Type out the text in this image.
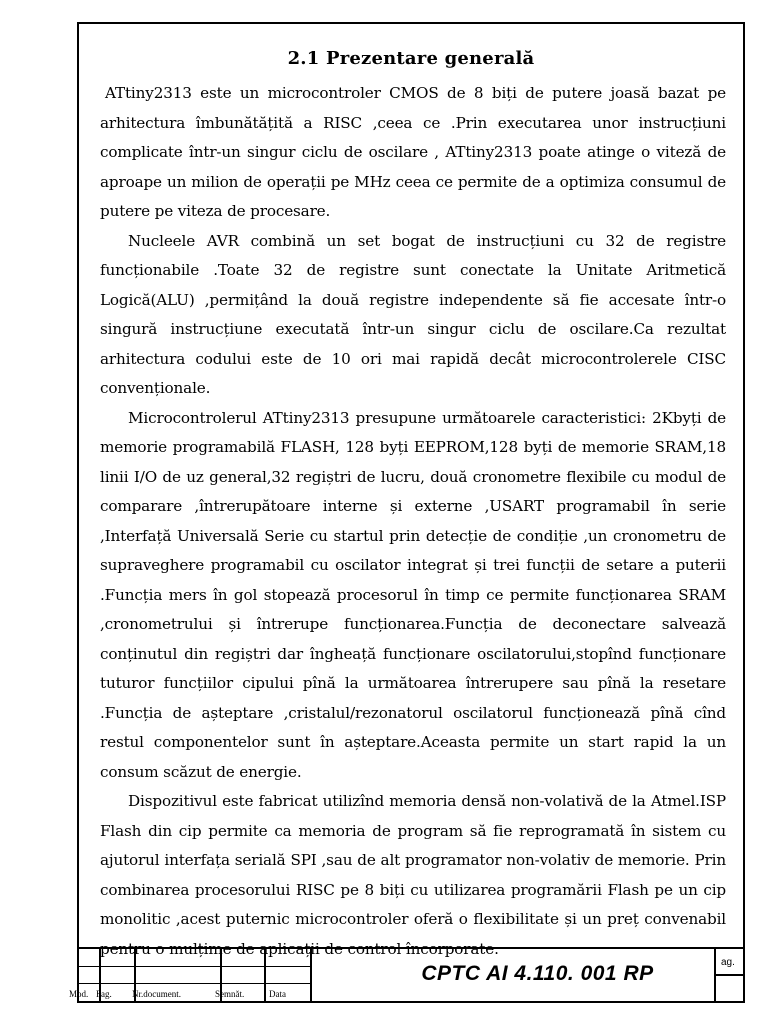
2.1 Prezentare generală

ATtiny2313 este un microcontroler CMOS de 8 biți de putere joasă bazat pe arhitectura îmbunătățită a RISC ,ceea ce .Prin executarea unor instrucțiuni complicate într-un singur ciclu de oscilare , ATtiny2313 poate atinge o viteză de aproape un milion de operații pe MHz ceea ce permite de a optimiza consumul de putere pe viteza de procesare.

Nucleele AVR combină un set bogat de instrucțiuni cu 32 de registre funcționabile .Toate 32 de registre sunt conectate la Unitate Aritmetică Logică(ALU) ,permițând la două registre independente să fie accesate într-o singură instrucțiune executată într-un singur ciclu de oscilare.Ca rezultat arhitectura codului este de 10 ori mai rapidă decât microcontrolerele CISC convenționale.

Microcontrolerul ATtiny2313 presupune următoarele caracteristici: 2Kbyți de memorie programabilă FLASH, 128 byți EEPROM,128 byți de memorie SRAM,18 linii I/O de uz general,32 regiștri de lucru, două cronometre flexibile cu modul de comparare ,întrerupătoare interne și externe ,USART programabil în serie ,Interfață Universală Serie cu startul prin detecție de condiție ,un cronometru de supraveghere programabil cu oscilator integrat și trei funcții de setare a puterii .Funcția mers în gol stopează procesorul în timp ce permite funcționarea SRAM ,cronometrului și întrerupe funcționarea.Funcția de deconectare salvează conținutul din regiștri dar îngheață funcționare oscilatorului,stopînd funcționare tuturor funcțiilor cipului pînă la următoarea întrerupere sau pînă la resetare .Funcția de așteptare ,cristalul/rezonatorul oscilatorul funcționează pînă cînd restul componentelor sunt în așteptare.Aceasta permite un start rapid la un consum scăzut de energie.

Dispozitivul este fabricat utilizînd memoria densă non-volativă de la Atmel.ISP Flash din cip permite ca memoria de program să fie reprogramată în sistem cu ajutorul interfața serială SPI ,sau de alt programator non-volativ de memorie. Prin combinarea procesorului RISC pe 8 biți cu utilizarea programării Flash pe un cip monolitic ,acest puternic microcontroler oferă o flexibilitate și un preț convenabil pentru o mulțime de aplicații de control încorporate.

Mod. Fag. Nr.document.	Semnăt.	Data
CPTC AI 4.110. 001 RP	ag.
